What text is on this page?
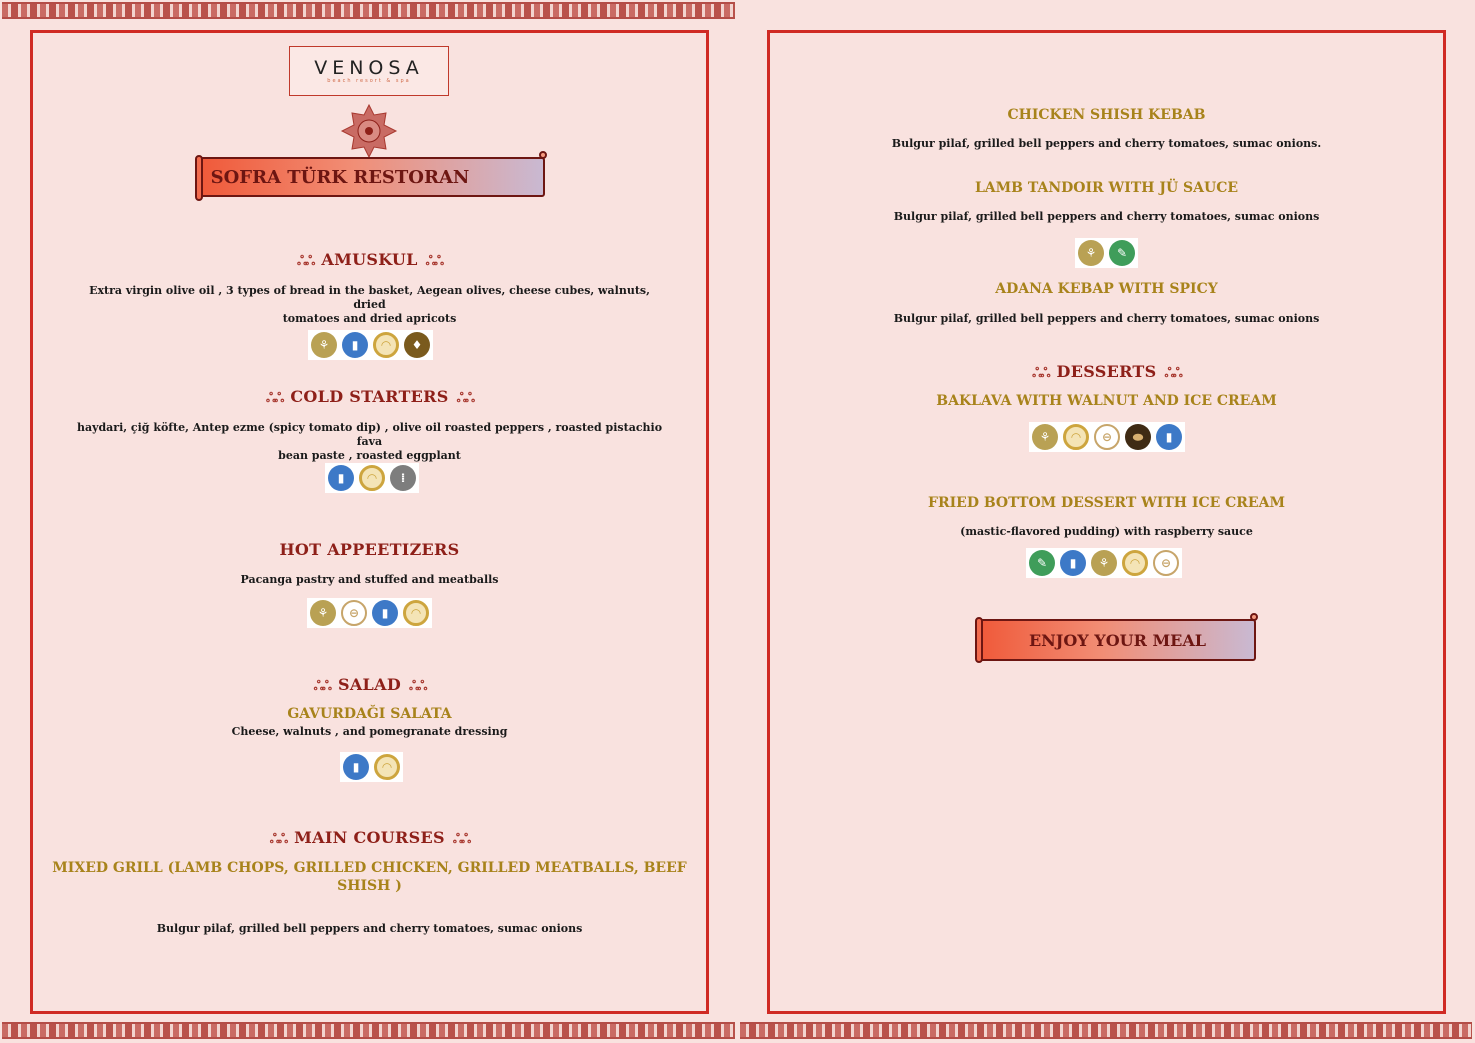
VENOSA
beach resort & spa
SOFRA TÜRK RESTORAN
ஃஃ AMUSKUL ஃஃ
Extra virgin olive oil , 3 types of bread in the basket, Aegean olives, cheese cubes, walnuts, dried
tomatoes and dried apricots
⚘	▮	◠	♦
ஃஃ COLD STARTERS ஃஃ
haydari, çiğ köfte, Antep ezme (spicy tomato dip) , olive oil roasted peppers , roasted pistachio fava
bean paste , roasted eggplant
▮	◠	⁞
HOT APPEETIZERS
Pacanga pastry and stuffed and meatballs
⚘	⊖	▮	◠
ஃஃ SALAD ஃஃ
GAVURDAĞI SALATA
Cheese, walnuts , and pomegranate dressing
▮	◠
ஃஃ MAIN COURSES ஃஃ
MIXED GRILL (LAMB CHOPS, GRILLED CHICKEN, GRILLED MEATBALLS, BEEF
SHISH )
Bulgur pilaf, grilled bell peppers and cherry tomatoes, sumac onions
CHICKEN SHISH KEBAB
Bulgur pilaf, grilled bell peppers and cherry tomatoes, sumac onions.
LAMB TANDOIR WITH JÜ SAUCE
Bulgur pilaf, grilled bell peppers and cherry tomatoes, sumac onions
⚘	✎
ADANA KEBAP WITH SPICY
Bulgur pilaf, grilled bell peppers and cherry tomatoes, sumac onions
ஃஃ DESSERTS ஃஃ
BAKLAVA WITH WALNUT AND ICE CREAM
⚘	◠	⊖	⬬	▮
FRIED BOTTOM DESSERT WITH ICE CREAM
(mastic-flavored pudding) with raspberry sauce
✎	▮	⚘	◠	⊖
ENJOY YOUR MEAL
